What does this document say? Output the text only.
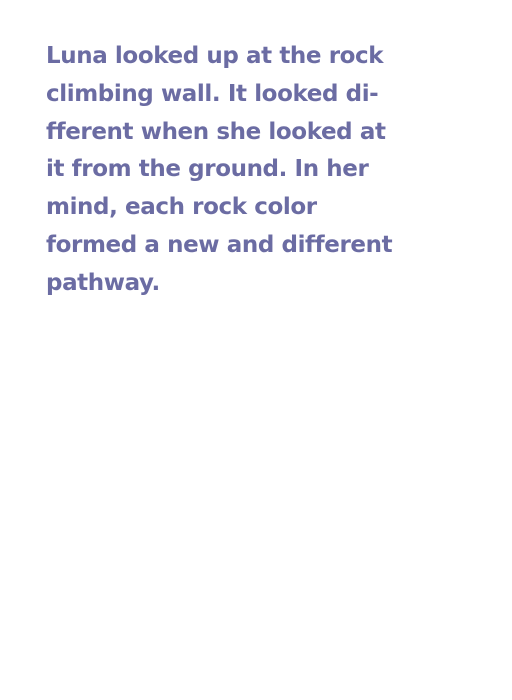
Luna looked up at the rock
climbing wall. It looked di-
fferent when she looked at
it from the ground. In her
mind, each rock color
formed a new and different
pathway.
